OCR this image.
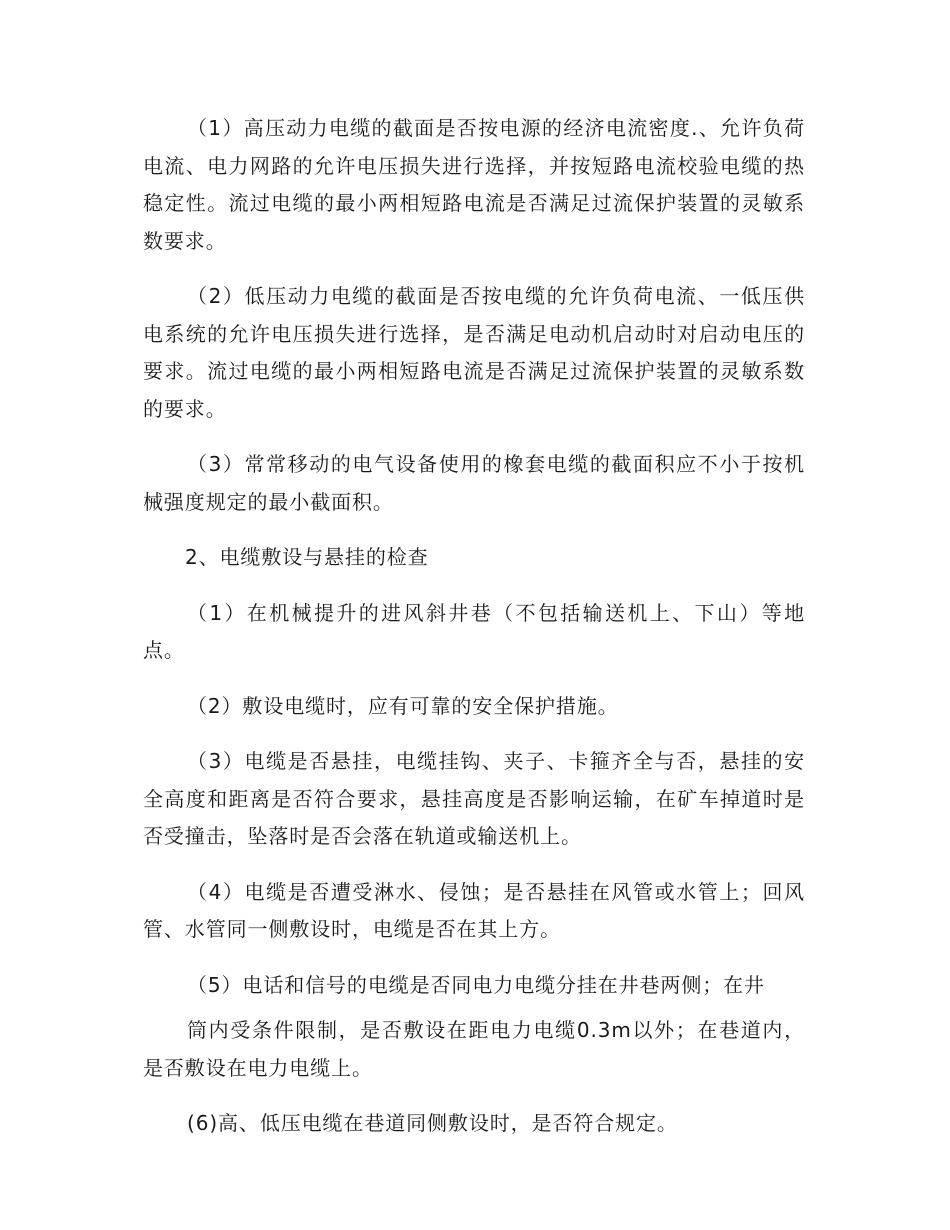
（1）高压动力电缆的截面是否按电源的经济电流密度.、允许负荷电流、电力网路的允许电压损失进行选择，并按短路电流校验电缆的热稳定性。流过电缆的最小两相短路电流是否满足过流保护装置的灵敏系数要求。

（2）低压动力电缆的截面是否按电缆的允许负荷电流、一低压供电系统的允许电压损失进行选择，是否满足电动机启动时对启动电压的要求。流过电缆的最小两相短路电流是否满足过流保护装置的灵敏系数的要求。

（3）常常移动的电气设备使用的橡套电缆的截面积应不小于按机械强度规定的最小截面积。

2、电缆敷设与悬挂的检查

（1）在机械提升的进风斜井巷（不包括输送机上、下山）等地点。

（2）敷设电缆时，应有可靠的安全保护措施。

（3）电缆是否悬挂，电缆挂钩、夹子、卡箍齐全与否，悬挂的安全高度和距离是否符合要求，悬挂高度是否影响运输，在矿车掉道时是否受撞击，坠落时是否会落在轨道或输送机上。

（4）电缆是否遭受淋水、侵蚀；是否悬挂在风管或水管上；回风管、水管同一侧敷设时，电缆是否在其上方。

（5）电话和信号的电缆是否同电力电缆分挂在井巷两侧；在井

筒内受条件限制，是否敷设在距电力电缆0.3m以外；在巷道内，是否敷设在电力电缆上。

(6)高、低压电缆在巷道同侧敷设时，是否符合规定。
